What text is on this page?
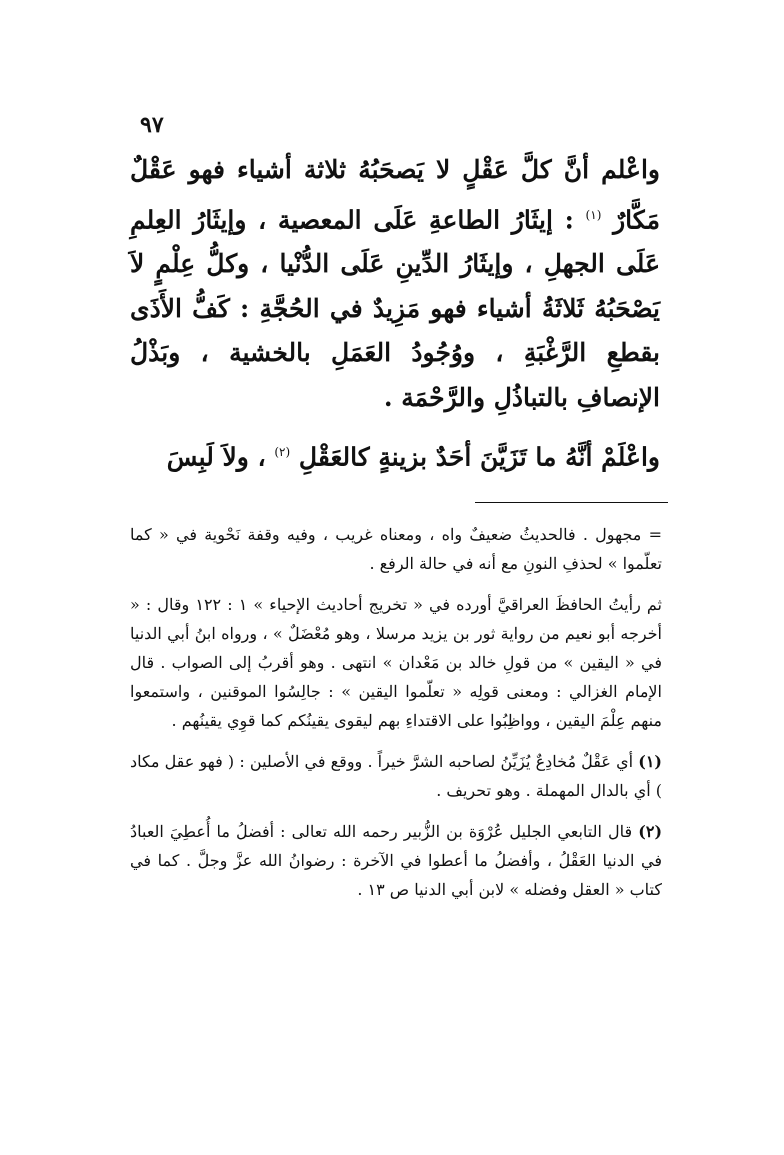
٩٧

واعْلم أنَّ كلَّ عَقْلٍ لا يَصحَبُهُ ثلاثة أشياء فهو عَقْلٌ مَكَّارٌ $^{(١)}$ : إيثَارُ الطاعةِ عَلَى المعصية ، وإيثَارُ العِلمِ عَلَى الجهلِ ، وإيثَارُ الدِّينِ عَلَى الدُّنْيا ، وكلُّ عِلْمٍ لاَ يَصْحَبُهُ ثَلاثَةُ أشياء فهو مَزِيدٌ في الحُجَّةِ : كَفُّ الأَذَى بقطعِ الرَّغْبَةِ ، ووُجُودُ العَمَلِ بالخشية ، وبَذْلُ الإنصافِ بالتباذُلِ والرَّحْمَة .

واعْلَمْ أنَّهُ ما تَزَيَّنَ أحَدٌ بزينةٍ كالعَقْلِ $^{(٢)}$ ، ولاَ لَبِسَ

= مجهول . فالحديثُ ضعيفٌ واه ، ومعناه غريب ، وفيه وقفة نَحْوية في « كما تعلّموا » لحذفِ النونِ مع أنه في حالة الرفع .

ثم رأيتُ الحافظَ العراقيَّ أورده في « تخريج أحاديث الإحياء » ١ : ١٢٢ وقال : « أخرجه أبو نعيم من رواية ثور بن يزيد مرسلا ، وهو مُعْضَلٌ » ، ورواه ابنُ أبي الدنيا في « اليقين » من قولِ خالد بن مَعْدان » انتهى . وهو أقربُ إلى الصواب . قال الإمام الغزالي : ومعنى قولِه « تعلّموا اليقين » : جالِسُوا الموقنين ، واستمعوا منهم عِلْمَ اليقين ، وواظِبُوا على الاقتداءِ بهم ليقوى يقينُكم كما قوِي يقينُهم .

(١) أي عَقْلٌ مُخادِعٌ يُزَيِّنُ لصاحبه الشرَّ خيراً . ووقع في الأصلين : ( فهو عقل مكاد ) أي بالدال المهملة . وهو تحريف .

(٢) قال التابعي الجليل عُرْوَة بن الزُّبير رحمه الله تعالى : أفضلُ ما أُعطِيَ العبادُ في الدنيا العَقْلُ ، وأفضلُ ما أعطوا في الآخرة : رضوانُ الله عزَّ وجلَّ . كما في كتاب « العقل وفضله » لابن أبي الدنيا ص ١٣ .
